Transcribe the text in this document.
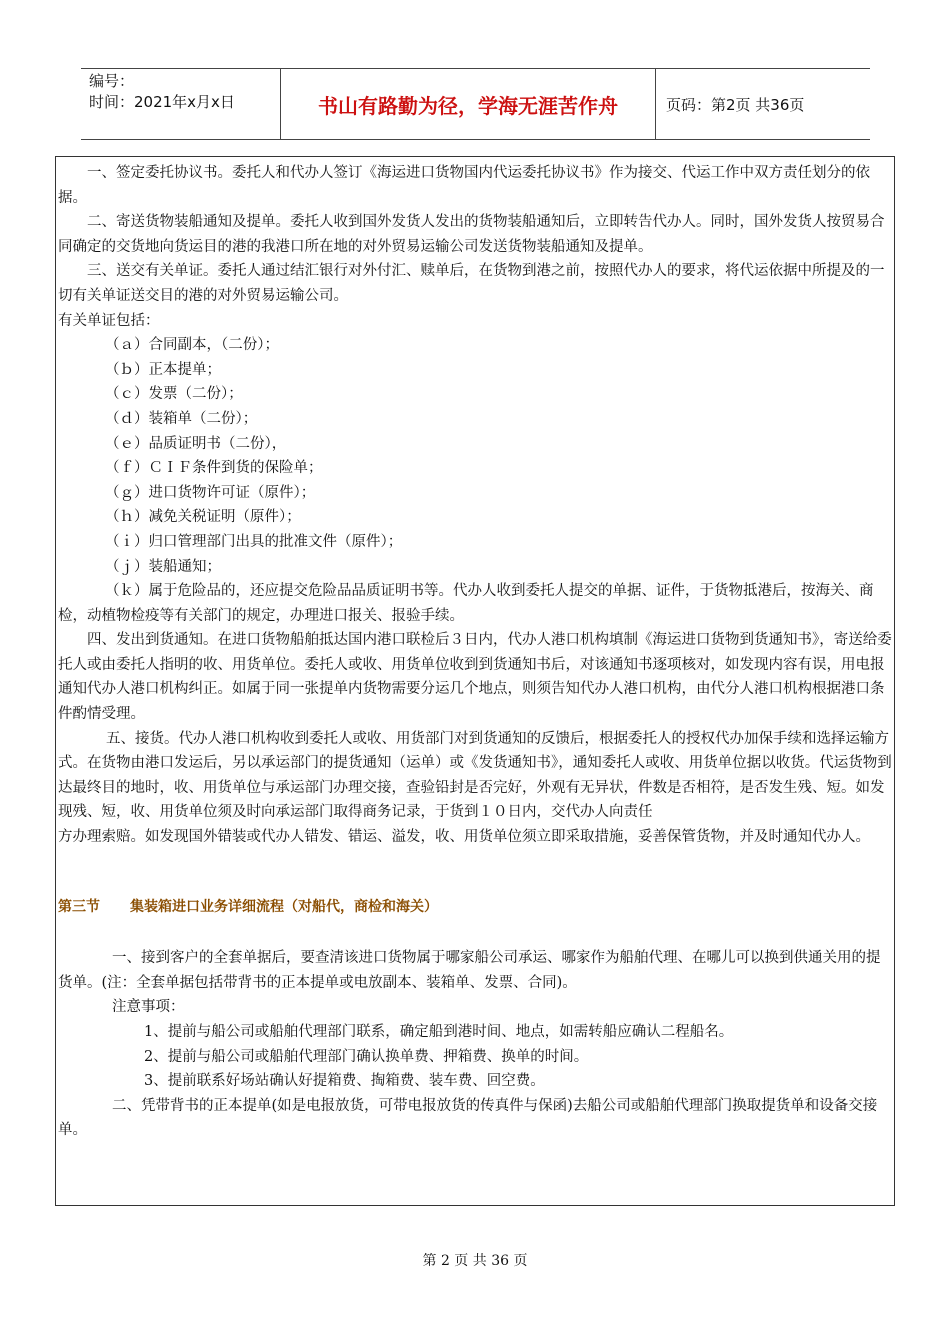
编号：
时间：2021年x月x日	书山有路勤为径，学海无涯苦作舟	页码：第2页 共36页

一、签定委托协议书。委托人和代办人签订《海运进口货物国内代运委托协议书》作为接交、代运工作中双方责任划分的依据。

二、寄送货物装船通知及提单。委托人收到国外发货人发出的货物装船通知后，立即转告代办人。同时，国外发货人按贸易合同确定的交货地向货运目的港的我港口所在地的对外贸易运输公司发送货物装船通知及提单。

三、送交有关单证。委托人通过结汇银行对外付汇、赎单后，在货物到港之前，按照代办人的要求，将代运依据中所提及的一切有关单证送交目的港的对外贸易运输公司。

有关单证包括：

（ａ）合同副本，（二份）；

（ｂ）正本提单；

（ｃ）发票（二份）；

（ｄ）装箱单（二份）；

（ｅ）品质证明书（二份），

（ｆ）ＣＩＦ条件到货的保险单；

（ｇ）进口货物许可证（原件）；

（ｈ）减免关税证明（原件）；

（ｉ）归口管理部门出具的批准文件（原件）；

（ｊ）装船通知；

（ｋ）属于危险品的，还应提交危险品品质证明书等。代办人收到委托人提交的单据、证件，于货物抵港后，按海关、商检，动植物检疫等有关部门的规定，办理进口报关、报验手续。

四、发出到货通知。在进口货物船舶抵达国内港口联检后３日内，代办人港口机构填制《海运进口货物到货通知书》，寄送给委托人或由委托人指明的收、用货单位。委托人或收、用货单位收到到货通知书后，对该通知书逐项核对，如发现内容有误，用电报通知代办人港口机构纠正。如属于同一张提单内货物需要分运几个地点，则须告知代办人港口机构，由代分人港口机构根据港口条件酌情受理。

五、接货。代办人港口机构收到委托人或收、用货部门对到货通知的反馈后，根据委托人的授权代办加保手续和选择运输方式。在货物由港口发运后，另以承运部门的提货通知（运单）或《发货通知书》，通知委托人或收、用货单位据以收货。代运货物到达最终目的地时，收、用货单位与承运部门办理交接，查验铅封是否完好，外观有无异状，件数是否相符，是否发生残、短。如发现残、短，收、用货单位须及时向承运部门取得商务记录，于货到１０日内，交代办人向责任

方办理索赔。如发现国外错装或代办人错发、错运、溢发，收、用货单位须立即采取措施，妥善保管货物，并及时通知代办人。

第三节 集装箱进口业务详细流程（对船代，商检和海关）

一、接到客户的全套单据后，要查清该进口货物属于哪家船公司承运、哪家作为船舶代理、在哪儿可以换到供通关用的提货单。(注：全套单据包括带背书的正本提单或电放副本、装箱单、发票、合同)。

注意事项：

1、提前与船公司或船舶代理部门联系，确定船到港时间、地点，如需转船应确认二程船名。

2、提前与船公司或船舶代理部门确认换单费、押箱费、换单的时间。

3、提前联系好场站确认好提箱费、掏箱费、装车费、回空费。

二、凭带背书的正本提单(如是电报放货，可带电报放货的传真件与保函)去船公司或船舶代理部门换取提货单和设备交接单。

第 2 页 共 36 页
